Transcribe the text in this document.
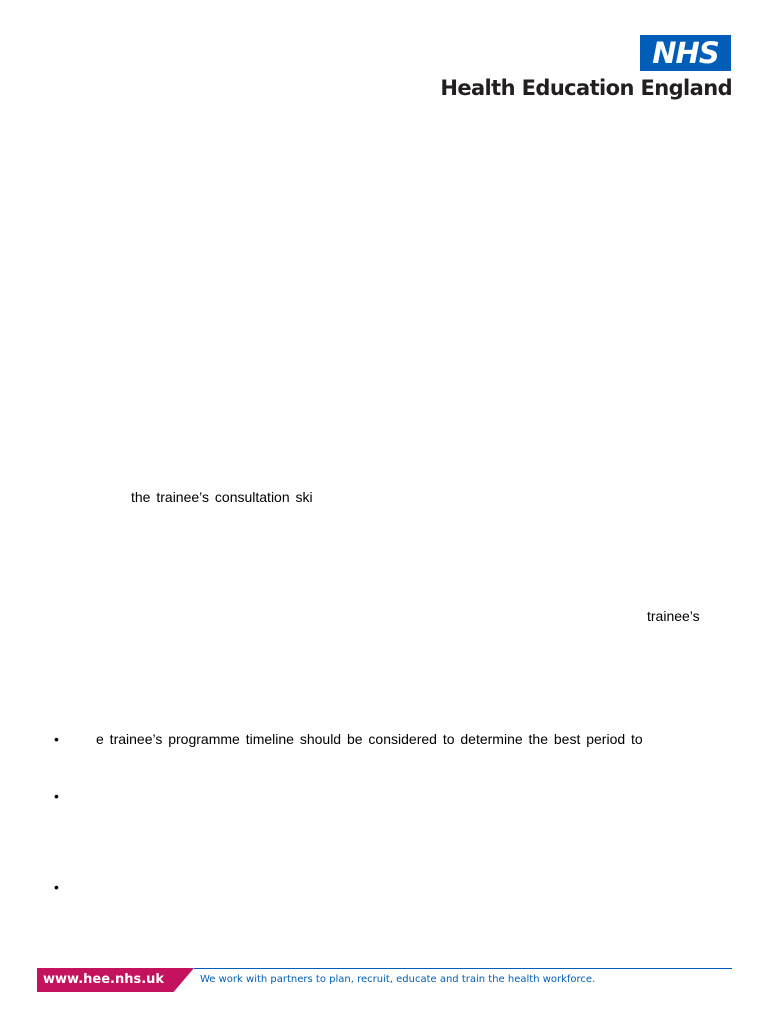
NHS
Health Education England
the trainee’s consultation ski
trainee’s
•	e trainee’s programme timeline should be considered to determine the best period to
•
•
www.hee.nhs.uk	We work with partners to plan, recruit, educate and train the health workforce.
